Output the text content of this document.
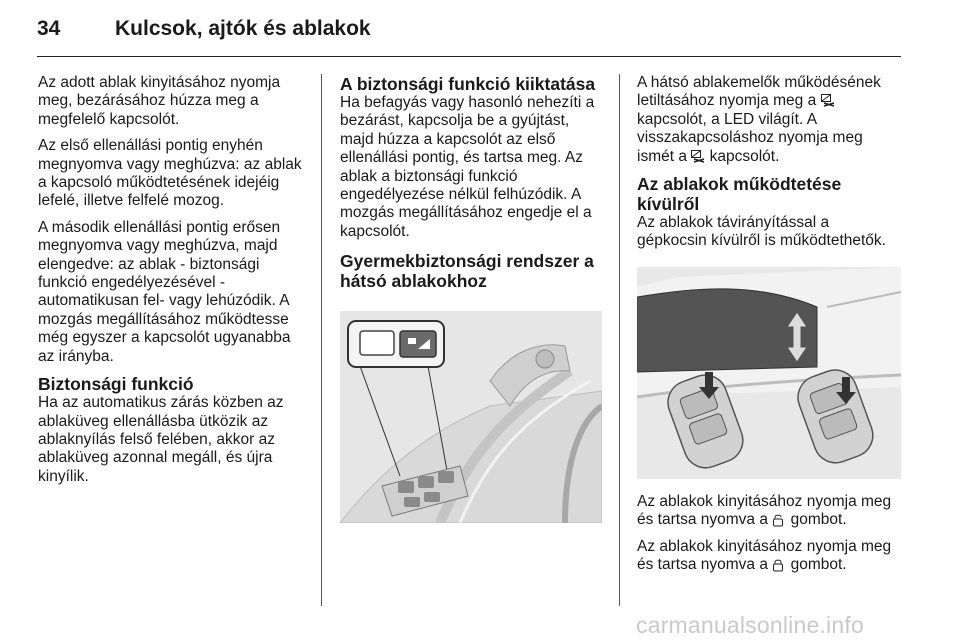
34	Kulcsok, ajtók és ablakok

Az adott ablak kinyitásához nyomja meg, bezárásához húzza meg a megfelelő kapcsolót.

Az első ellenállási pontig enyhén megnyomva vagy meghúzva: az ablak a kapcsoló működtetésének idejéig lefelé, illetve felfelé mozog.

A második ellenállási pontig erősen megnyomva vagy meghúzva, majd elengedve: az ablak - biztonsági funkció engedélyezésével - automatikusan fel- vagy lehúzódik. A mozgás megállításához működtesse még egyszer a kapcsolót ugyanabba az irányba.

Biztonsági funkció

Ha az automatikus zárás közben az ablaküveg ellenállásba ütközik az ablaknyílás felső felében, akkor az ablaküveg azonnal megáll, és újra kinyílik.

A biztonsági funkció kiiktatása

Ha befagyás vagy hasonló nehezíti a bezárást, kapcsolja be a gyújtást, majd húzza a kapcsolót az első ellenállási pontig, és tartsa meg. Az ablak a biztonsági funkció engedélyezése nélkül felhúzódik. A mozgás megállításához engedje el a kapcsolót.

Gyermekbiztonsági rendszer a hátsó ablakokhoz

A hátsó ablakemelők működésének letiltásához nyomja meg a
kapcsolót, a LED világít. A visszakapcsoláshoz nyomja meg ismét a kapcsolót.

Az ablakok működtetése kívülről

Az ablakok távirányítással a gépkocsin kívülről is működtethetők.

Az ablakok kinyitásához nyomja meg és tartsa nyomva a gombot.

Az ablakok kinyitásához nyomja meg és tartsa nyomva a gombot.

carmanualsonline.info
